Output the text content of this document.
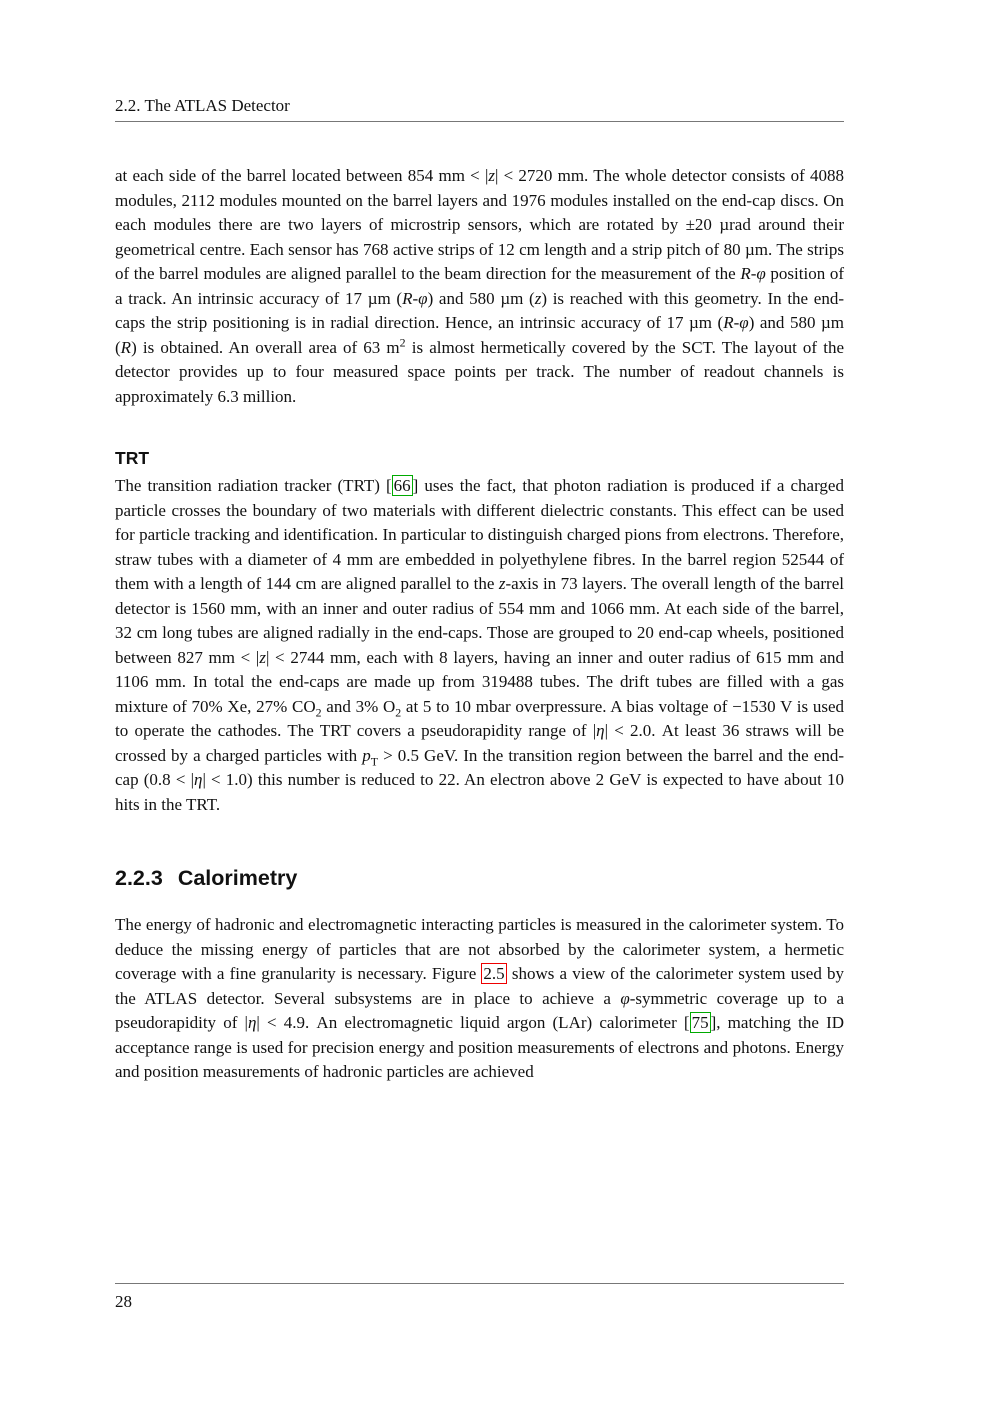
2.2. The ATLAS Detector

at each side of the barrel located between 854 mm < |z| < 2720 mm. The whole detector consists of 4088 modules, 2112 modules mounted on the barrel layers and 1976 modules installed on the end-cap discs. On each modules there are two layers of microstrip sensors, which are rotated by ±20 µrad around their geometrical centre. Each sensor has 768 active strips of 12 cm length and a strip pitch of 80 µm. The strips of the barrel modules are aligned parallel to the beam direction for the measurement of the R-φ position of a track. An intrinsic accuracy of 17 µm (R-φ) and 580 µm (z) is reached with this geometry. In the end-caps the strip positioning is in radial direction. Hence, an intrinsic accuracy of 17 µm (R-φ) and 580 µm (R) is obtained. An overall area of 63 $m^2$ is almost hermetically covered by the SCT. The layout of the detector provides up to four measured space points per track. The number of readout channels is approximately 6.3 million.

TRT

The transition radiation tracker (TRT) [ 66 ] uses the fact, that photon radiation is produced if a charged particle crosses the boundary of two materials with different dielectric constants. This effect can be used for particle tracking and identification. In particular to distinguish charged pions from electrons. Therefore, straw tubes with a diameter of 4 mm are embedded in polyethylene fibres. In the barrel region 52544 of them with a length of 144 cm are aligned parallel to the z-axis in 73 layers. The overall length of the barrel detector is 1560 mm, with an inner and outer radius of 554 mm and 1066 mm. At each side of the barrel, 32 cm long tubes are aligned radially in the end-caps. Those are grouped to 20 end-cap wheels, positioned between 827 mm < |z| < 2744 mm, each with 8 layers, having an inner and outer radius of 615 mm and 1106 mm. In total the end-caps are made up from 319488 tubes. The drift tubes are filled with a gas mixture of 70% Xe, 27% $CO_2$ and 3% $O_2$ at 5 to 10 mbar overpressure. A bias voltage of −1530 V is used to operate the cathodes. The TRT covers a pseudorapidity range of |η| < 2.0. At least 36 straws will be crossed by a charged particles with $p_T > 0.5$ GeV. In the transition region between the barrel and the end-cap (0.8 < |η| < 1.0) this number is reduced to 22. An electron above 2 GeV is expected to have about 10 hits in the TRT.

2.2.3 Calorimetry

The energy of hadronic and electromagnetic interacting particles is measured in the calorimeter system. To deduce the missing energy of particles that are not absorbed by the calorimeter system, a hermetic coverage with a fine granularity is necessary. Figure 2.5 shows a view of the calorimeter system used by the ATLAS detector. Several subsystems are in place to achieve a φ-symmetric coverage up to a pseudorapidity of |η| < 4.9. An electromagnetic liquid argon (LAr) calorimeter [ 75 ], matching the ID acceptance range is used for precision energy and position measurements of electrons and photons. Energy and position measurements of hadronic particles are achieved

28
